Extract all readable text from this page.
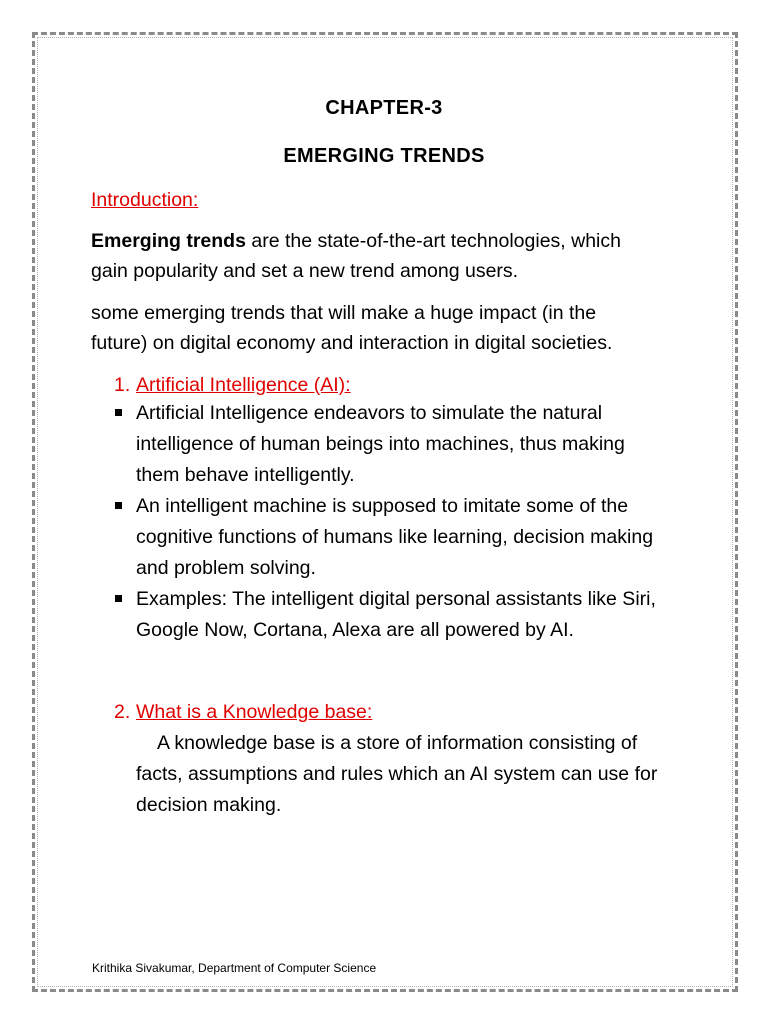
CHAPTER-3
EMERGING TRENDS
Introduction:
Emerging trends are the state-of-the-art technologies, which
gain popularity and set a new trend among users.
some emerging trends that will make a huge impact (in the
future) on digital economy and interaction in digital societies.
1. Artificial Intelligence (AI):
Artificial Intelligence endeavors to simulate the natural
intelligence of human beings into machines, thus making
them behave intelligently.
An intelligent machine is supposed to imitate some of the
cognitive functions of humans like learning, decision making
and problem solving.
Examples: The intelligent digital personal assistants like Siri,
Google Now, Cortana, Alexa are all powered by AI.
2. What is a Knowledge base:
A knowledge base is a store of information consisting of
facts, assumptions and rules which an AI system can use for
decision making.
Krithika Sivakumar, Department of Computer Science
